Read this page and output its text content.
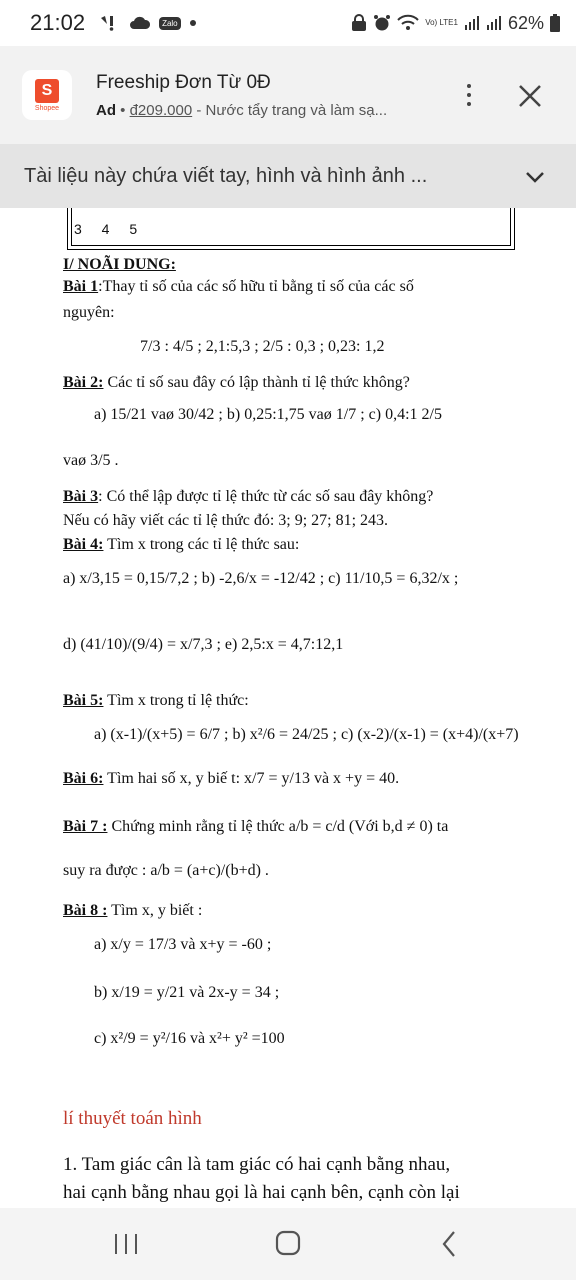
21:02	Zalo	Vo) LTE1	62%
S
Shopee
Freeship Đơn Từ 0Đ
Ad • đ209.000 - Nước tẩy trang và làm sạ...
Tài liệu này chứa viết tay, hình và hình ảnh ...
3 4 5
I/ NOÃI DUNG:
Bài 1:Thay tỉ số của các số hữu tỉ bằng tỉ số của các số
nguyên:
7/3 : 4/5 ; 2,1:5,3 ; 2/5 : 0,3 ; 0,23: 1,2
Bài 2: Các tỉ số sau đây có lập thành tỉ lệ thức không?
a) 15/21 vaø 30/42 ; b) 0,25:1,75 vaø 1/7 ; c) 0,4:1 2/5
vaø 3/5 .
Bài 3: Có thể lập được tỉ lệ thức từ các số sau đây không?
Nếu có hãy viết các tỉ lệ thức đó: 3; 9; 27; 81; 243.
Bài 4: Tìm x trong các tỉ lệ thức sau:
a) x/3,15 = 0,15/7,2 ; b) -2,6/x = -12/42 ; c) 11/10,5 = 6,32/x ;
d) (41/10)/(9/4) = x/7,3 ; e) 2,5:x = 4,7:12,1
Bài 5: Tìm x trong tỉ lệ thức:
a) (x-1)/(x+5) = 6/7 ; b) x²/6 = 24/25 ; c) (x-2)/(x-1) = (x+4)/(x+7)
Bài 6: Tìm hai số x, y biế t: x/7 = y/13 và x +y = 40.
Bài 7 : Chứng minh rằng tỉ lệ thức a/b = c/d (Với b,d ≠ 0) ta
suy ra được : a/b = (a+c)/(b+d) .
Bài 8 : Tìm x, y biết :
a) x/y = 17/3 và x+y = -60 ;
b) x/19 = y/21 và 2x-y = 34 ;
c) x²/9 = y²/16 và x²+ y² =100
lí thuyết toán hình
1. Tam giác cân là tam giác có hai cạnh bằng nhau,
hai cạnh bằng nhau gọi là hai cạnh bên, cạnh còn lại
